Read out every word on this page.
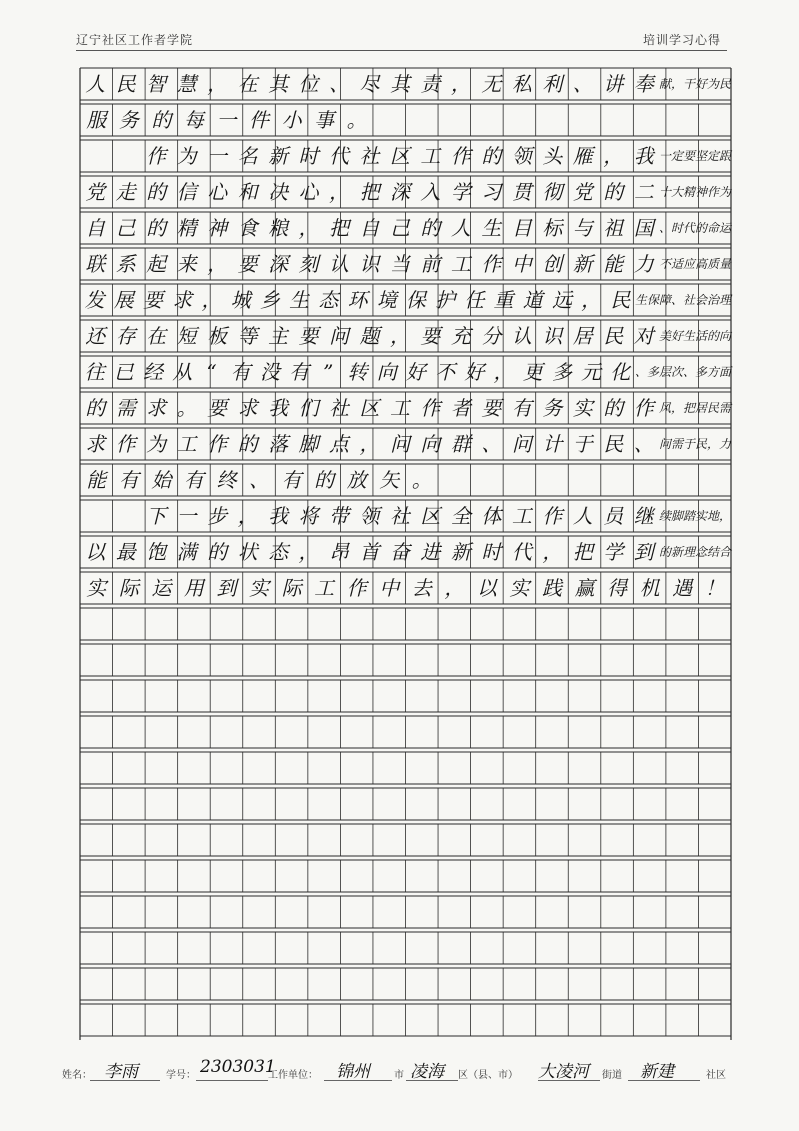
辽宁社区工作者学院	培训学习心得
人 民 智 慧 ， 在 其 位 、 尽 其 责 ， 无 私 利 、 讲 奉 献，干好为民
服 务 的 每 一 件 小 事 。

作 为 一 名 新 时 代 社 区 工 作 的 领 头 雁 ， 我 一定要坚定跟
党 走 的 信 心 和 决 心 ， 把 深 入 学 习 贯 彻 党 的 二 十大精神作为
自 己 的 精 神 食 粮 ， 把 自 己 的 人 生 目 标 与 祖 国 、时代的命运
联 系 起 来 ， 要 深 刻 认 识 当 前 工 作 中 创 新 能 力 不适应高质量
发 展 要 求 ， 城 乡 生 态 环 境 保 护 任 重 道 远 ， 民 生保障、社会治理
还 存 在 短 板 等 主 要 问 题 ， 要 充 分 认 识 居 民 对 美好生活的向
往 已 经 从 “ 有 没 有 ” 转 向 好 不 好 ， 更 多 元 化 、多层次、多方面
的 需 求 。 要 求 我 们 社 区 工 作 者 要 有 务 实 的 作 风，把居民需
求 作 为 工 作 的 落 脚 点 ， 问 向 群 、 问 计 于 民 、 问需于民，力
能 有 始 有 终 、 有 的 放 矢 。

下 一 步 ， 我 将 带 领 社 区 全 体 工 作 人 员 继 续脚踏实地，
以 最 饱 满 的 状 态 ， 昂 首 奋 进 新 时 代 ， 把 学 到 的新理念结合
实 际 运 用 到 实 际 工 作 中 去 ， 以 实 践 赢 得 机 遇 ！
姓名： 李雨	学号： 2303031
工作单位： 锦州 市 凌海 区（县、市） 大凌河 街道 新建	社区
